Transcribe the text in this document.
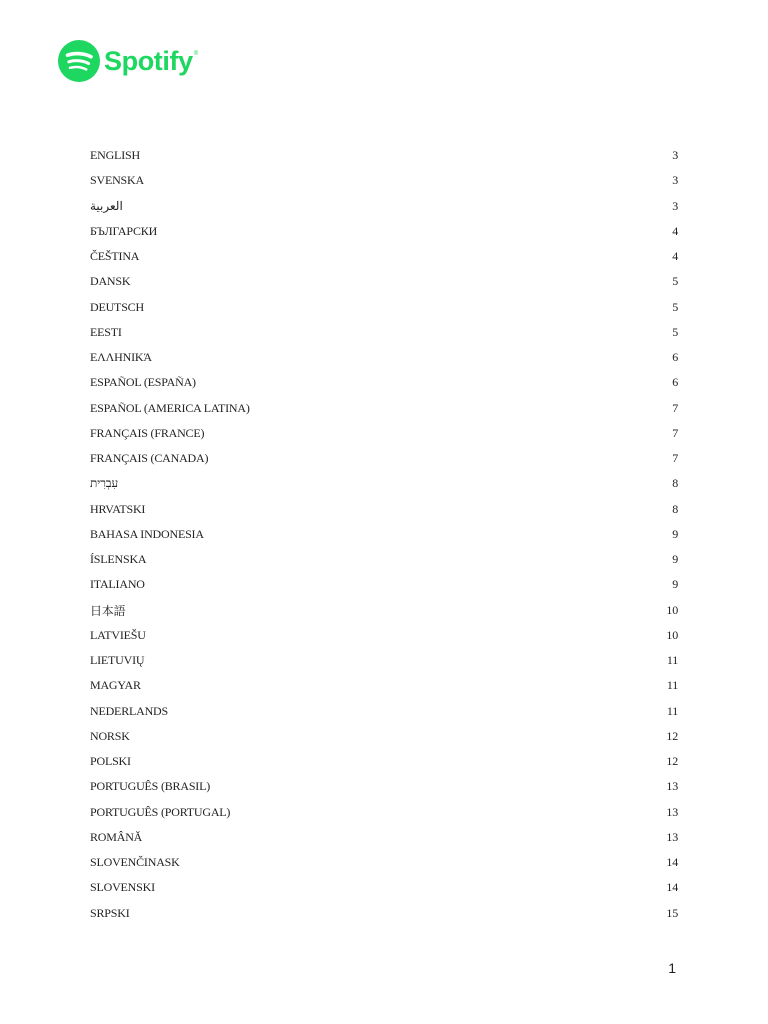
Spotify ®
ENGLISH	3
SVENSKA	3
العربية	3
БЪЛГАРСКИ	4
ČEŠTINA	4
DANSK	5
DEUTSCH	5
EESTI	5
ΕΛΛΗΝΙΚΆ	6
ESPAÑOL (ESPAÑA)	6
ESPAÑOL (AMERICA LATINA)	7
FRANÇAIS (FRANCE)	7
FRANÇAIS (CANADA)	7
עִבְרִית	8
HRVATSKI	8
BAHASA INDONESIA	9
ÍSLENSKA	9
ITALIANO	9
日本語	10
LATVIEŠU	10
LIETUVIŲ	11
MAGYAR	11
NEDERLANDS	11
NORSK	12
POLSKI	12
PORTUGUÊS (BRASIL)	13
PORTUGUÊS (PORTUGAL)	13
ROMÂNĂ	13
SLOVENČINASK	14
SLOVENSKI	14
SRPSKI	15
1
